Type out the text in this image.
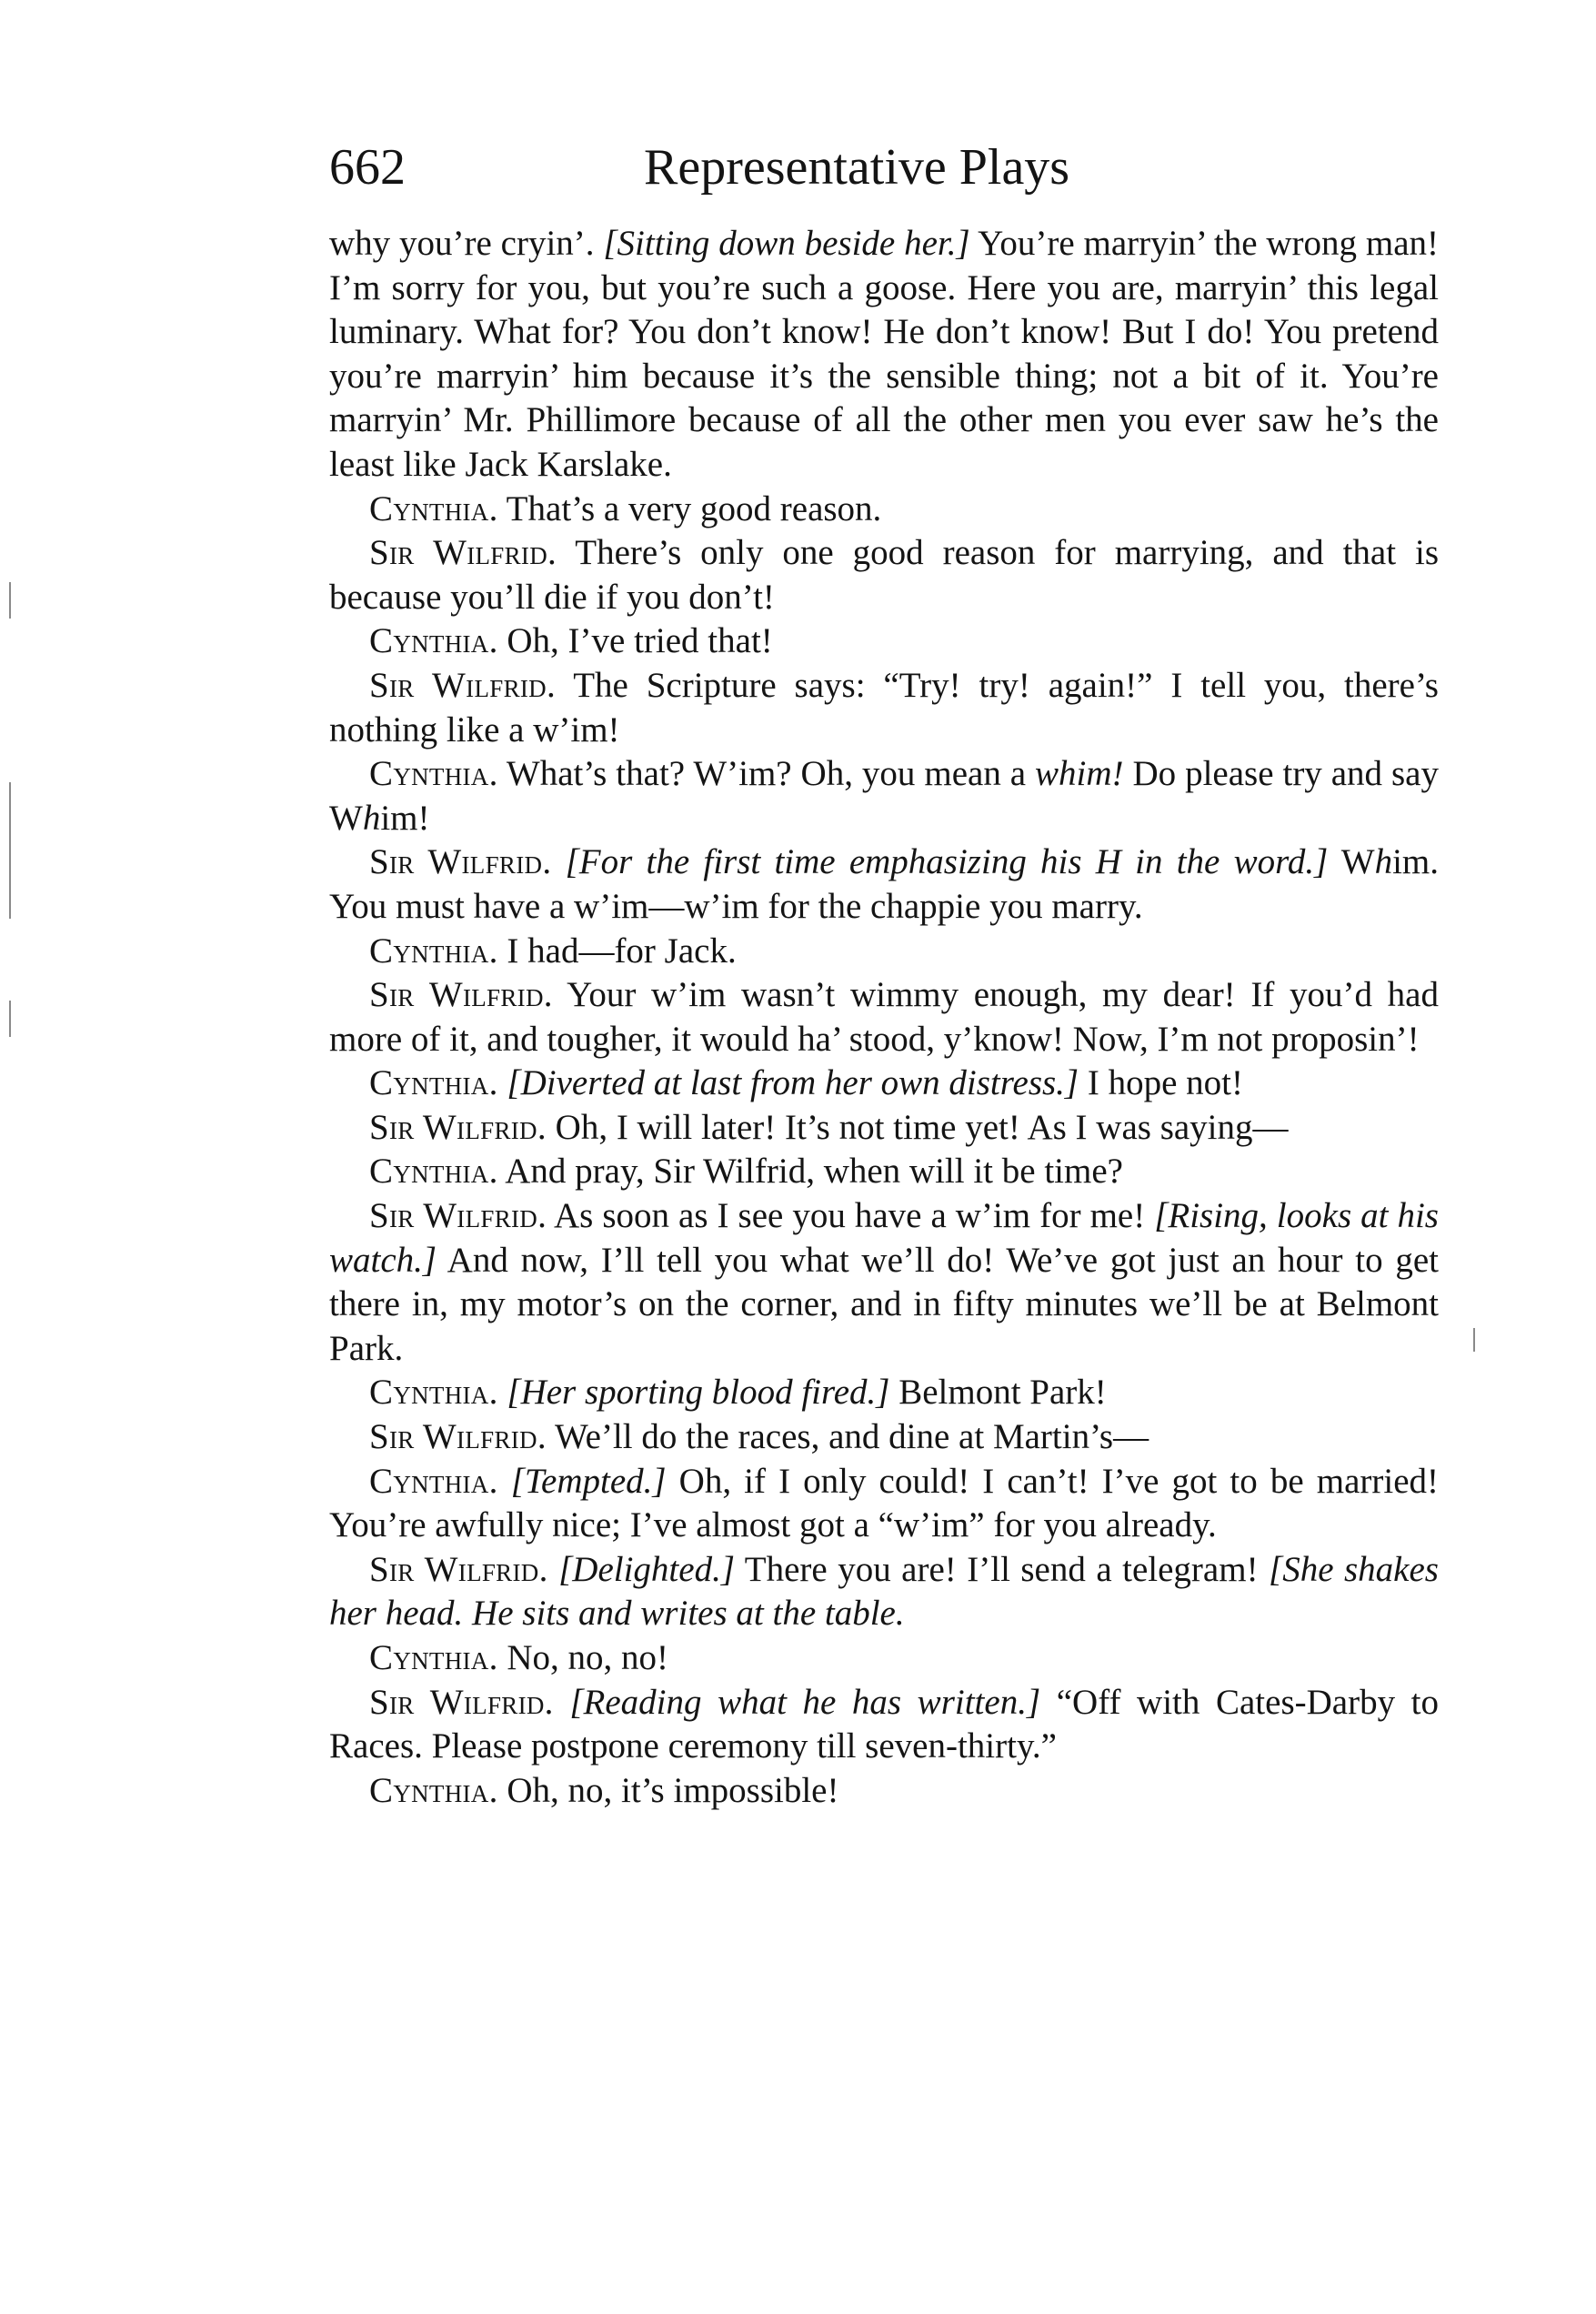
662	Representative Plays

why you’re cryin’. [Sitting down beside her.] You’re marryin’ the wrong man! I’m sorry for you, but you’re such a goose. Here you are, marryin’ this legal luminary. What for? You don’t know! He don’t know! But I do! You pretend you’re marryin’ him because it’s the sensible thing; not a bit of it. You’re marryin’ Mr. Phillimore because of all the other men you ever saw he’s the least like Jack Karslake.

Cynthia. That’s a very good reason.

Sir Wilfrid. There’s only one good reason for marrying, and that is because you’ll die if you don’t!

Cynthia. Oh, I’ve tried that!

Sir Wilfrid. The Scripture says: “Try! try! again!” I tell you, there’s nothing like a w’im!

Cynthia. What’s that? W’im? Oh, you mean a whim! Do please try and say Whim!

Sir Wilfrid. [For the first time emphasizing his H in the word.] Whim. You must have a w’im—w’im for the chappie you marry.

Cynthia. I had—for Jack.

Sir Wilfrid. Your w’im wasn’t wimmy enough, my dear! If you’d had more of it, and tougher, it would ha’ stood, y’know! Now, I’m not proposin’!

Cynthia. [Diverted at last from her own distress.] I hope not!

Sir Wilfrid. Oh, I will later! It’s not time yet! As I was saying—

Cynthia. And pray, Sir Wilfrid, when will it be time?

Sir Wilfrid. As soon as I see you have a w’im for me! [Rising, looks at his watch.] And now, I’ll tell you what we’ll do! We’ve got just an hour to get there in, my motor’s on the corner, and in fifty minutes we’ll be at Belmont Park.

Cynthia. [Her sporting blood fired.] Belmont Park!

Sir Wilfrid. We’ll do the races, and dine at Martin’s—

Cynthia. [Tempted.] Oh, if I only could! I can’t! I’ve got to be married! You’re awfully nice; I’ve almost got a “w’im” for you already.

Sir Wilfrid. [Delighted.] There you are! I’ll send a telegram! [She shakes her head. He sits and writes at the table.

Cynthia. No, no, no!

Sir Wilfrid. [Reading what he has written.] “Off with Cates-Darby to Races. Please postpone ceremony till seven-thirty.”

Cynthia. Oh, no, it’s impossible!
